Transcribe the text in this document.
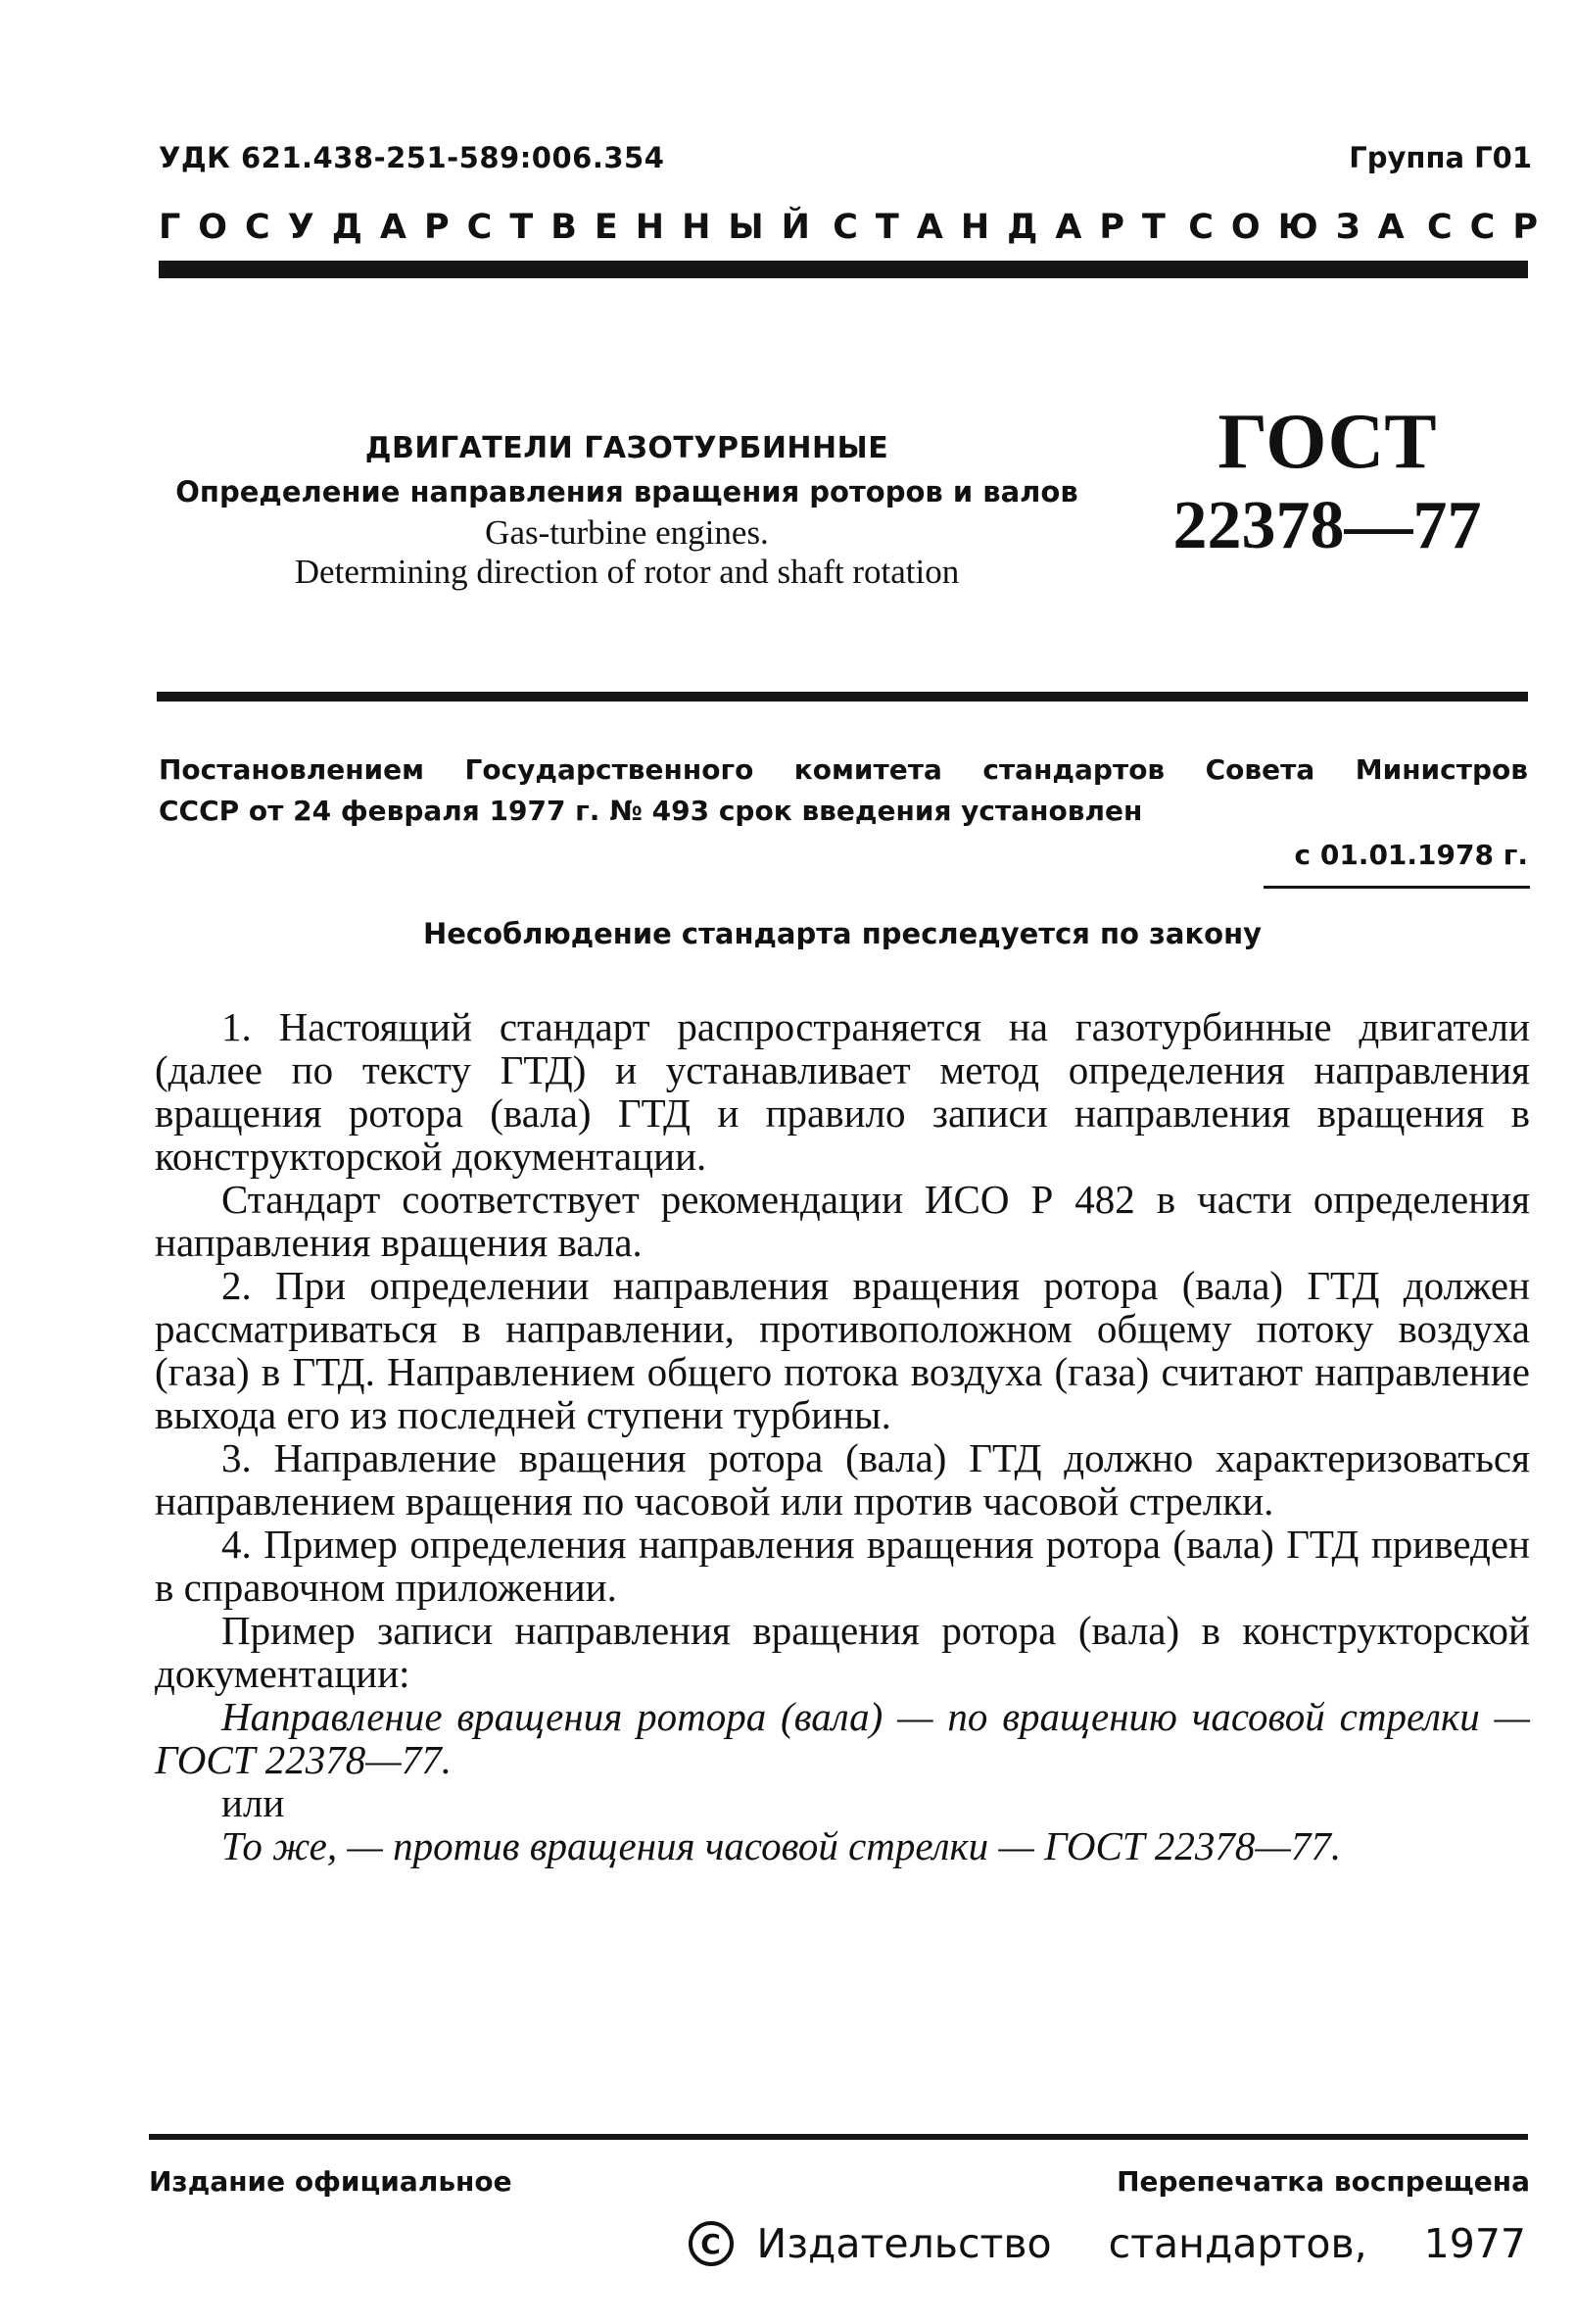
УДК 621.438-251-589:006.354	Группа Г01
ГОСУДАРСТВЕННЫЙ СТАНДАРТ СОЮЗА ССР
ДВИГАТЕЛИ ГАЗОТУРБИННЫЕ
Определение направления вращения роторов и валов
Gas-turbine engines.
Determining direction of rotor and shaft rotation
ГОСТ
22378—77
Постановлением Государственного комитета стандартов Совета Министров
СССР от 24 февраля 1977 г. № 493 срок введения установлен
с 01.01.1978 г.
Несоблюдение стандарта преследуется по закону

1. Настоящий стандарт распространяется на газотурбинные двигатели (далее по тексту ГТД) и устанавливает метод определения направления вращения ротора (вала) ГТД и правило записи направления вращения в конструкторской документации.

Стандарт соответствует рекомендации ИСО Р 482 в части определения направления вращения вала.

2. При определении направления вращения ротора (вала) ГТД должен рассматриваться в направлении, противоположном общему потоку воздуха (газа) в ГТД. Направлением общего потока воздуха (газа) считают направление выхода его из последней ступени турбины.

3. Направление вращения ротора (вала) ГТД должно характеризоваться направлением вращения по часовой или против часовой стрелки.

4. Пример определения направления вращения ротора (вала) ГТД приведен в справочном приложении.

Пример записи направления вращения ротора (вала) в конструкторской документации:

Направление вращения ротора (вала) — по вращению часовой стрелки — ГОСТ 22378—77.

или

То же, — против вращения часовой стрелки — ГОСТ 22378—77.

Издание официальное	Перепечатка воспрещена
C Издательство стандартов, 1977
